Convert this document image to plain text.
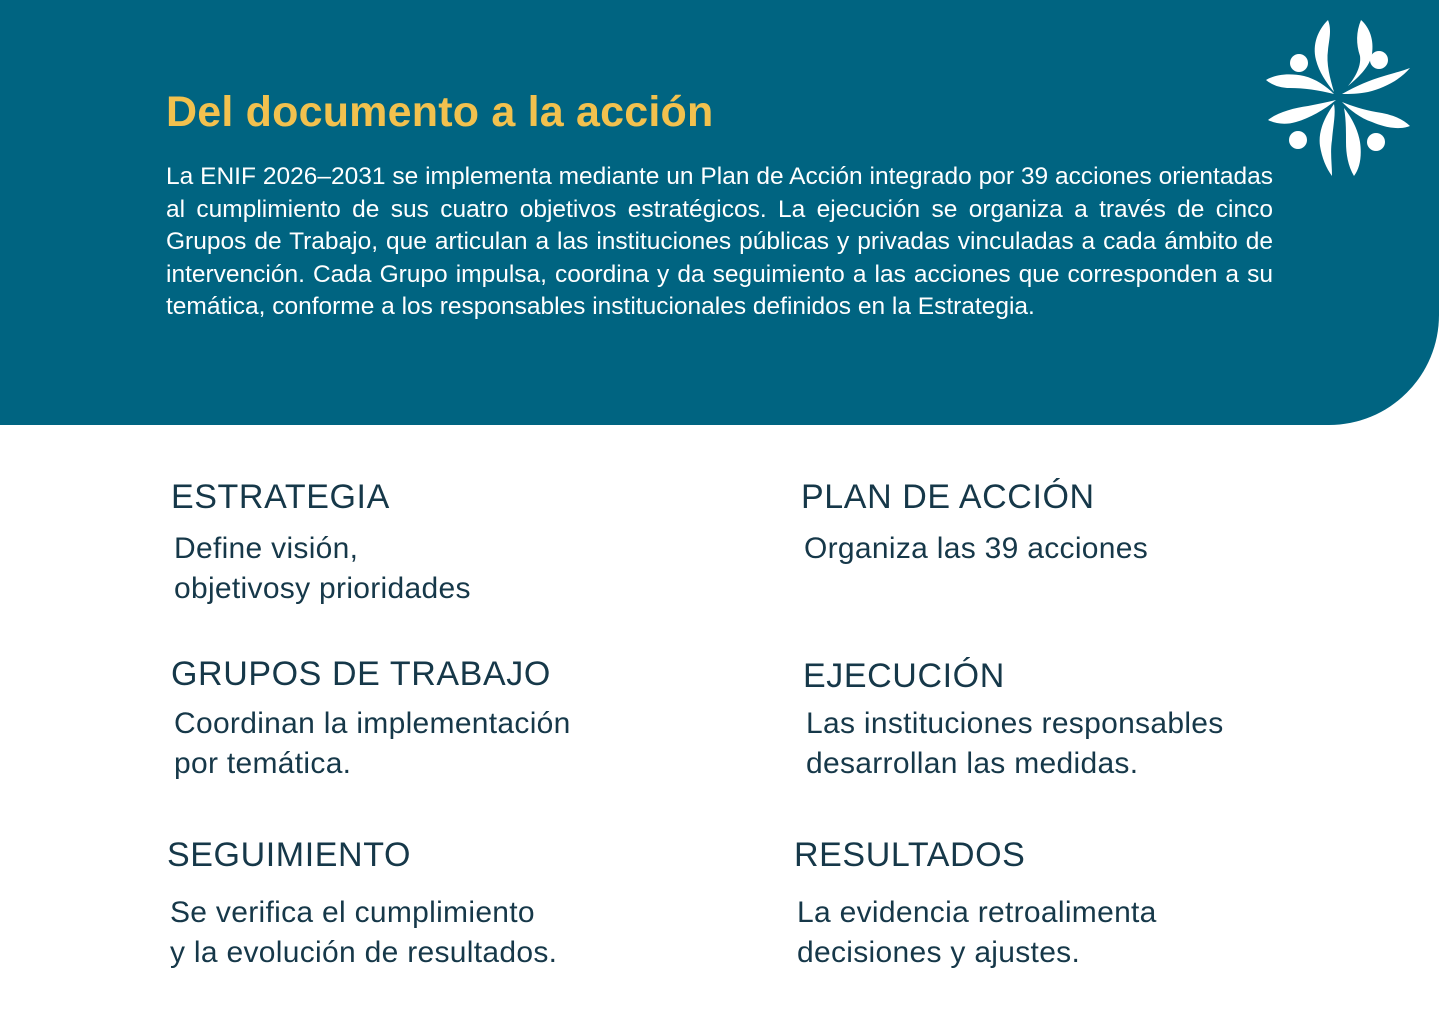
Del documento a la acción

La ENIF 2026–2031 se implementa mediante un Plan de Acción integrado por 39 acciones orientadas al cumplimiento de sus cuatro objetivos estratégicos. La ejecución se organiza a través de cinco Grupos de Trabajo, que articulan a las instituciones públicas y privadas vinculadas a cada ámbito de intervención. Cada Grupo impulsa, coordina y da seguimiento a las acciones que corresponden a su temática, conforme a los responsables institucionales definidos en la Estrategia.

ESTRATEGIA

Define visión,
objetivosy prioridades

PLAN DE ACCIÓN

Organiza las 39 acciones

GRUPOS DE TRABAJO

Coordinan la implementación
por temática.

EJECUCIÓN

Las instituciones responsables
desarrollan las medidas.

SEGUIMIENTO

Se verifica el cumplimiento
y la evolución de resultados.

RESULTADOS

La evidencia retroalimenta
decisiones y ajustes.
